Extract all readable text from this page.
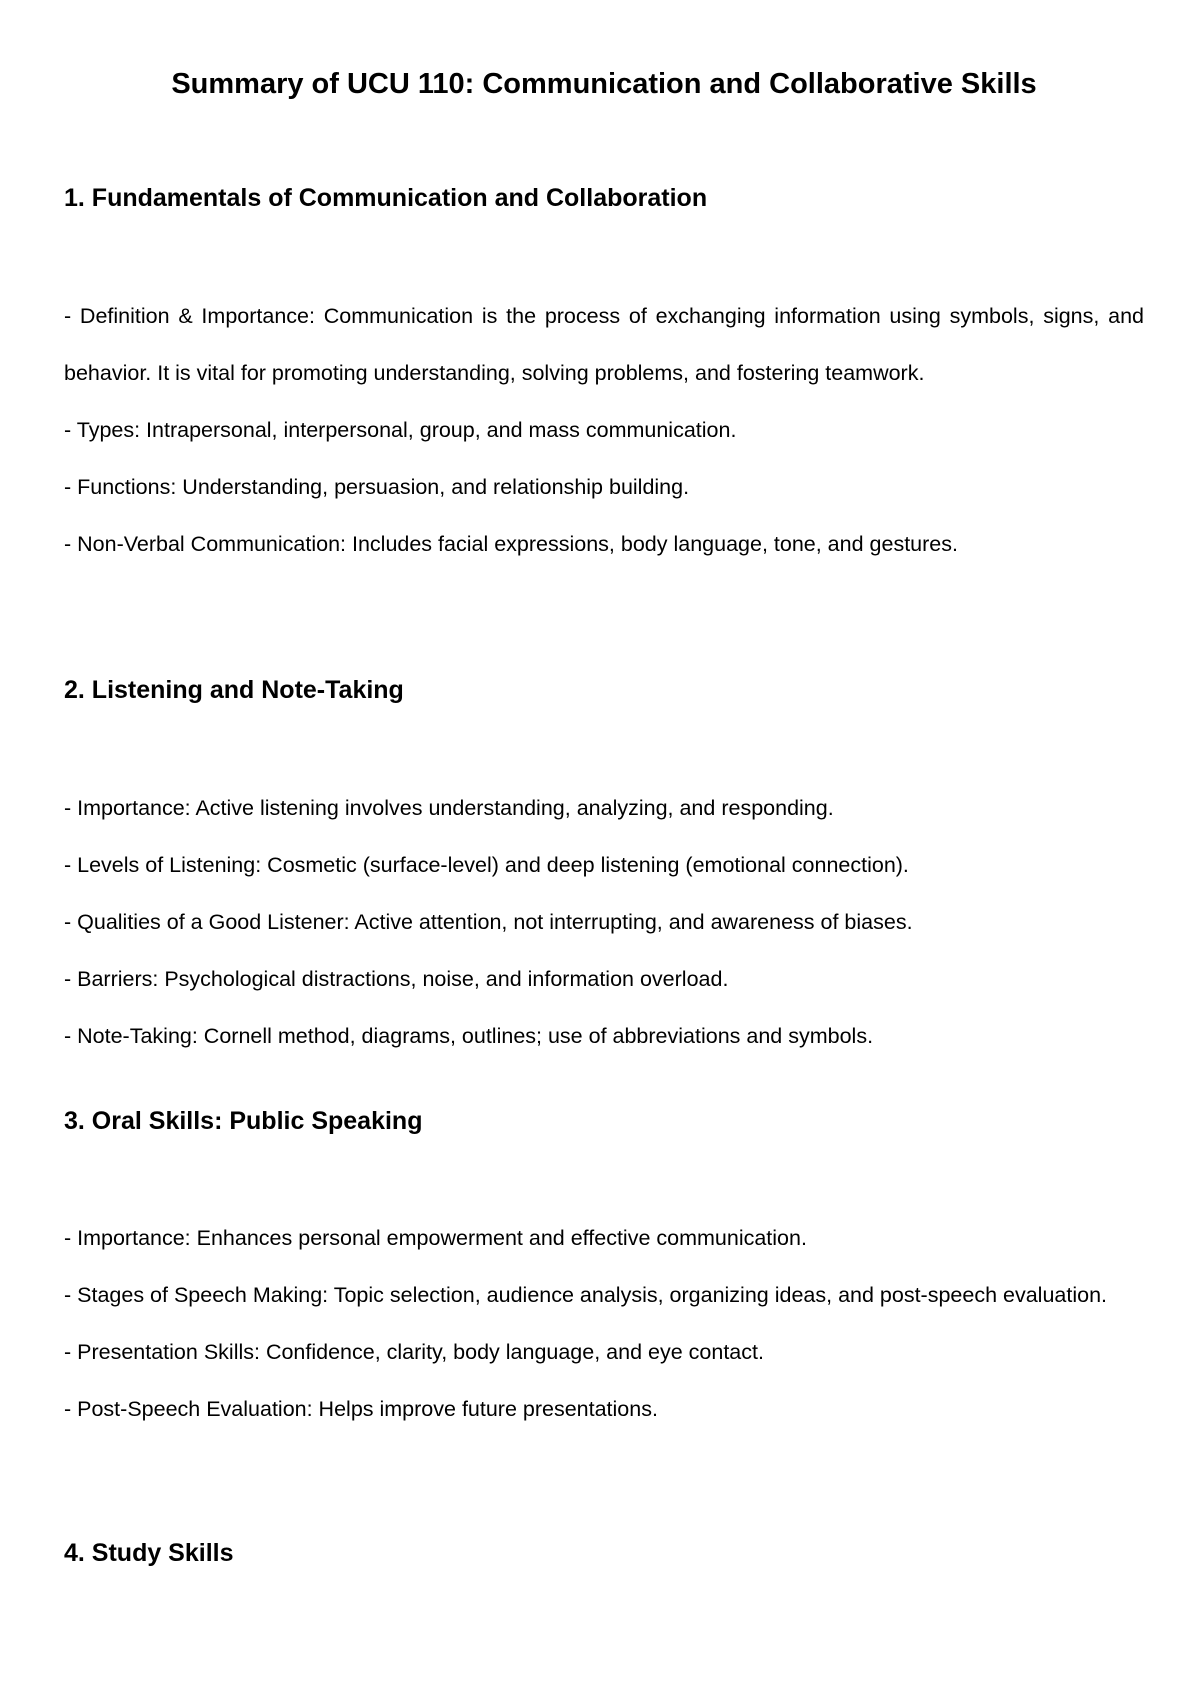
Summary of UCU 110: Communication and Collaborative Skills
1. Fundamentals of Communication and Collaboration
- Definition & Importance: Communication is the process of exchanging information using symbols, signs, and behavior. It is vital for promoting understanding, solving problems, and fostering teamwork.
- Types: Intrapersonal, interpersonal, group, and mass communication.
- Functions: Understanding, persuasion, and relationship building.
- Non-Verbal Communication: Includes facial expressions, body language, tone, and gestures.
2. Listening and Note-Taking
- Importance: Active listening involves understanding, analyzing, and responding.
- Levels of Listening: Cosmetic (surface-level) and deep listening (emotional connection).
- Qualities of a Good Listener: Active attention, not interrupting, and awareness of biases.
- Barriers: Psychological distractions, noise, and information overload.
- Note-Taking: Cornell method, diagrams, outlines; use of abbreviations and symbols.
3. Oral Skills: Public Speaking
- Importance: Enhances personal empowerment and effective communication.
- Stages of Speech Making: Topic selection, audience analysis, organizing ideas, and post-speech evaluation.
- Presentation Skills: Confidence, clarity, body language, and eye contact.
- Post-Speech Evaluation: Helps improve future presentations.
4. Study Skills
